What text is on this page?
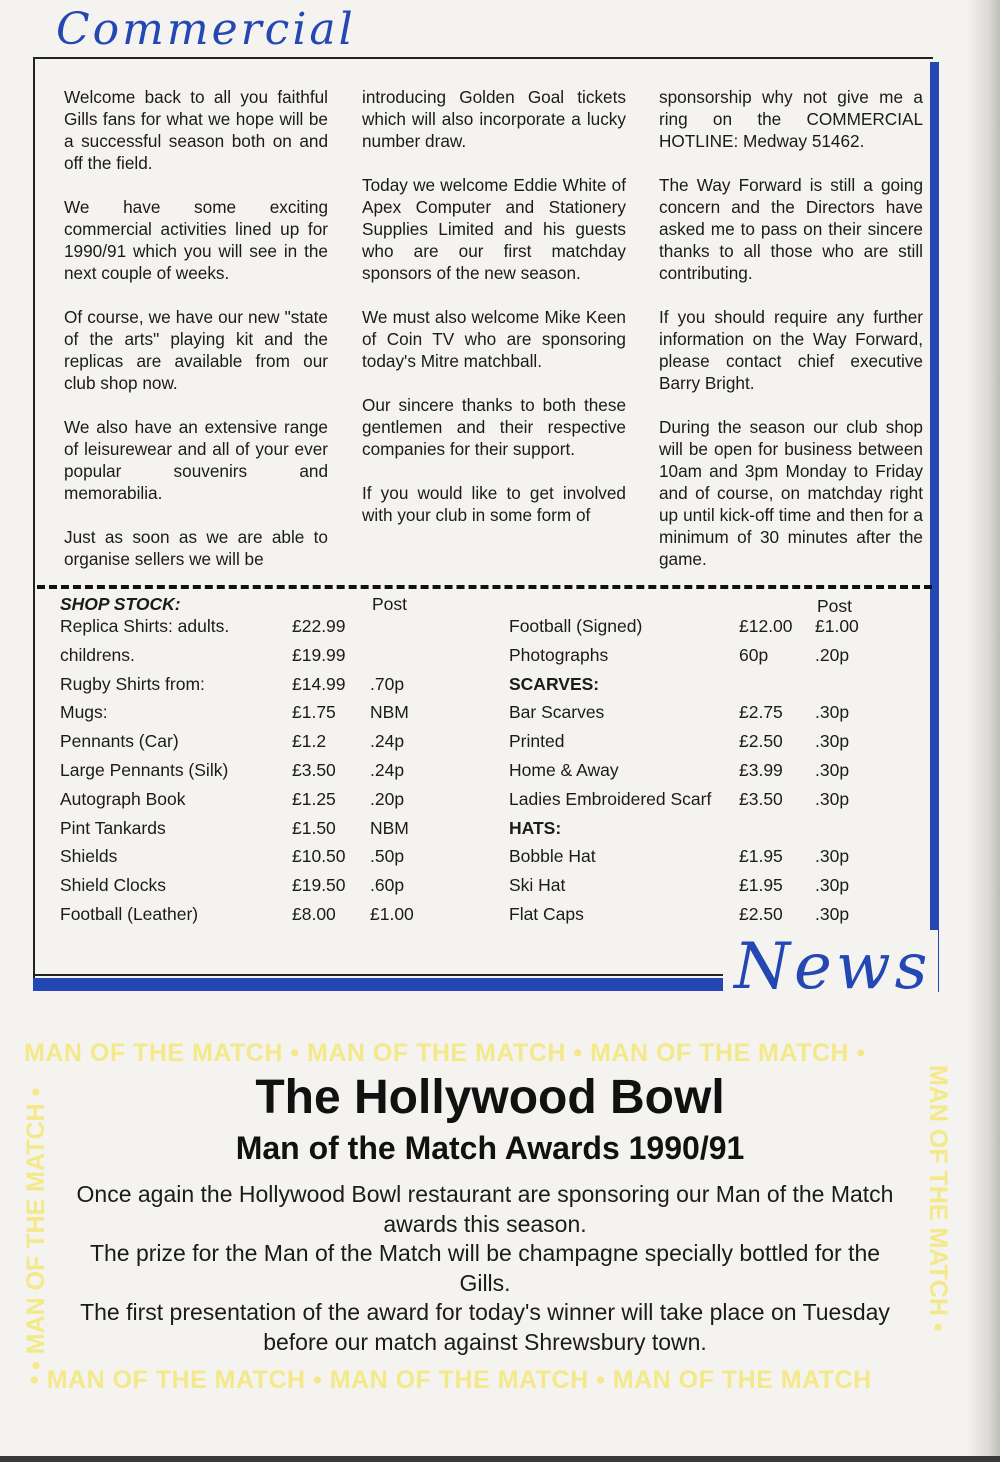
Commercial

Welcome back to all you faithful Gills fans for what we hope will be a successful season both on and off the field.

We have some exciting commercial activities lined up for 1990/91 which you will see in the next couple of weeks.

Of course, we have our new "state of the arts" playing kit and the replicas are available from our club shop now.

We also have an extensive range of leisurewear and all of your ever popular souvenirs and memorabilia.

Just as soon as we are able to organise sellers we will be

introducing Golden Goal tickets which will also incorporate a lucky number draw.

Today we welcome Eddie White of Apex Computer and Stationery Supplies Limited and his guests who are our first matchday sponsors of the new season.

We must also welcome Mike Keen of Coin TV who are sponsoring today's Mitre matchball.

Our sincere thanks to both these gentlemen and their respective companies for their support.

If you would like to get involved with your club in some form of

sponsorship why not give me a ring on the COMMERCIAL HOTLINE: Medway 51462.

The Way Forward is still a going concern and the Directors have asked me to pass on their sincere thanks to all those who are still contributing.

If you should require any further information on the Way Forward, please contact chief executive Barry Bright.

During the season our club shop will be open for business between 10am and 3pm Monday to Friday and of course, on matchday right up until kick-off time and then for a minimum of 30 minutes after the game.

SHOP STOCK:	Post	Post
Replica Shirts: adults.	£22.99
childrens.	£19.99
Rugby Shirts from:	£14.99 .70p
Mugs:	£1.75 NBM
Pennants (Car)	£1.2	.24p
Large Pennants (Silk)	£3.50 .24p
Autograph Book	£1.25 .20p
Pint Tankards	£1.50 NBM
Shields	£10.50 .50p
Shield Clocks	£19.50 .60p
Football (Leather)	£8.00 £1.00
Football (Signed)	£12.00 £1.00
Photographs	60p	.20p
SCARVES:
Bar Scarves	£2.75 .30p
Printed	£2.50 .30p
Home & Away	£3.99 .30p
Ladies Embroidered Scarf £3.50 .30p
HATS:
Bobble Hat	£1.95 .30p
Ski Hat	£1.95 .30p
Flat Caps	£2.50 .30p
News
MAN OF THE MATCH • MAN OF THE MATCH • MAN OF THE MATCH •
• MAN OF THE MATCH • MAN OF THE MATCH • MAN OF THE MATCH
• MAN OF THE MATCH •	MAN OF THE MATCH •
The Hollywood Bowl
Man of the Match Awards 1990/91

Once again the Hollywood Bowl restaurant are sponsoring our Man of the Match awards this season.

The prize for the Man of the Match will be champagne specially bottled for the Gills.

The first presentation of the award for today's winner will take place on Tuesday before our match against Shrewsbury town.
